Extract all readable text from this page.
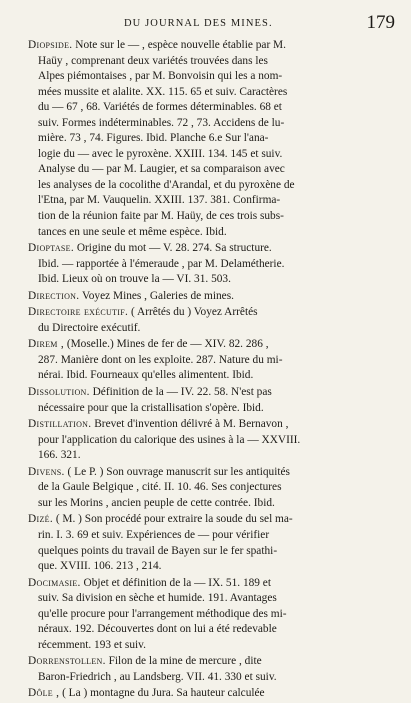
DU JOURNAL DES MINES.	179
Diopside. Note sur le — , espèce nouvelle établie par M.
Haüy , comprenant deux variétés trouvées dans les
Alpes piémontaises , par M. Bonvoisin qui les a nom-
mées mussite et alalite. XX. 115. 65 et suiv. Caractères
du — 67 , 68. Variétés de formes déterminables. 68 et
suiv. Formes indéterminables. 72 , 73. Accidens de lu-
mière. 73 , 74. Figures. Ibid. Planche 6.e Sur l'ana-
logie du — avec le pyroxène. XXIII. 134. 145 et suiv.
Analyse du — par M. Laugier, et sa comparaison avec
les analyses de la cocolithe d'Arandal, et du pyroxène de
l'Etna, par M. Vauquelin. XXIII. 137. 381. Confirma-
tion de la réunion faite par M. Haüy, de ces trois subs-
tances en une seule et même espèce. Ibid.
Dioptase. Origine du mot — V. 28. 274. Sa structure.
Ibid. — rapportée à l'émeraude , par M. Delamétherie.
Ibid. Lieux où on trouve la — VI. 31. 503.
Direction. Voyez Mines , Galeries de mines.
Directoire exécutif. ( Arrêtés du ) Voyez Arrêtés
du Directoire exécutif.
Direm , (Moselle.) Mines de fer de — XIV. 82. 286 ,
287. Manière dont on les exploite. 287. Nature du mi-
nérai. Ibid. Fourneaux qu'elles alimentent. Ibid.
Dissolution. Définition de la — IV. 22. 58. N'est pas
nécessaire pour que la cristallisation s'opère. Ibid.
Distillation. Brevet d'invention délivré à M. Bernavon ,
pour l'application du calorique des usines à la — XXVIII.
166. 321.
Divens. ( Le P. ) Son ouvrage manuscrit sur les antiquités
de la Gaule Belgique , cité. II. 10. 46. Ses conjectures
sur les Morins , ancien peuple de cette contrée. Ibid.
Dizé. ( M. ) Son procédé pour extraire la soude du sel ma-
rin. I. 3. 69 et suiv. Expériences de — pour vérifier
quelques points du travail de Bayen sur le fer spathi-
que. XVIII. 106. 213 , 214.
Docimasie. Objet et définition de la — IX. 51. 189 et
suiv. Sa division en sèche et humide. 191. Avantages
qu'elle procure pour l'arrangement méthodique des mi-
néraux. 192. Découvertes dont on lui a été redevable
récemment. 193 et suiv.
Dorrenstollen. Filon de la mine de mercure , dite
Baron-Friedrich , au Landsberg. VII. 41. 330 et suiv.
Dôle , ( La ) montagne du Jura. Sa hauteur calculée
